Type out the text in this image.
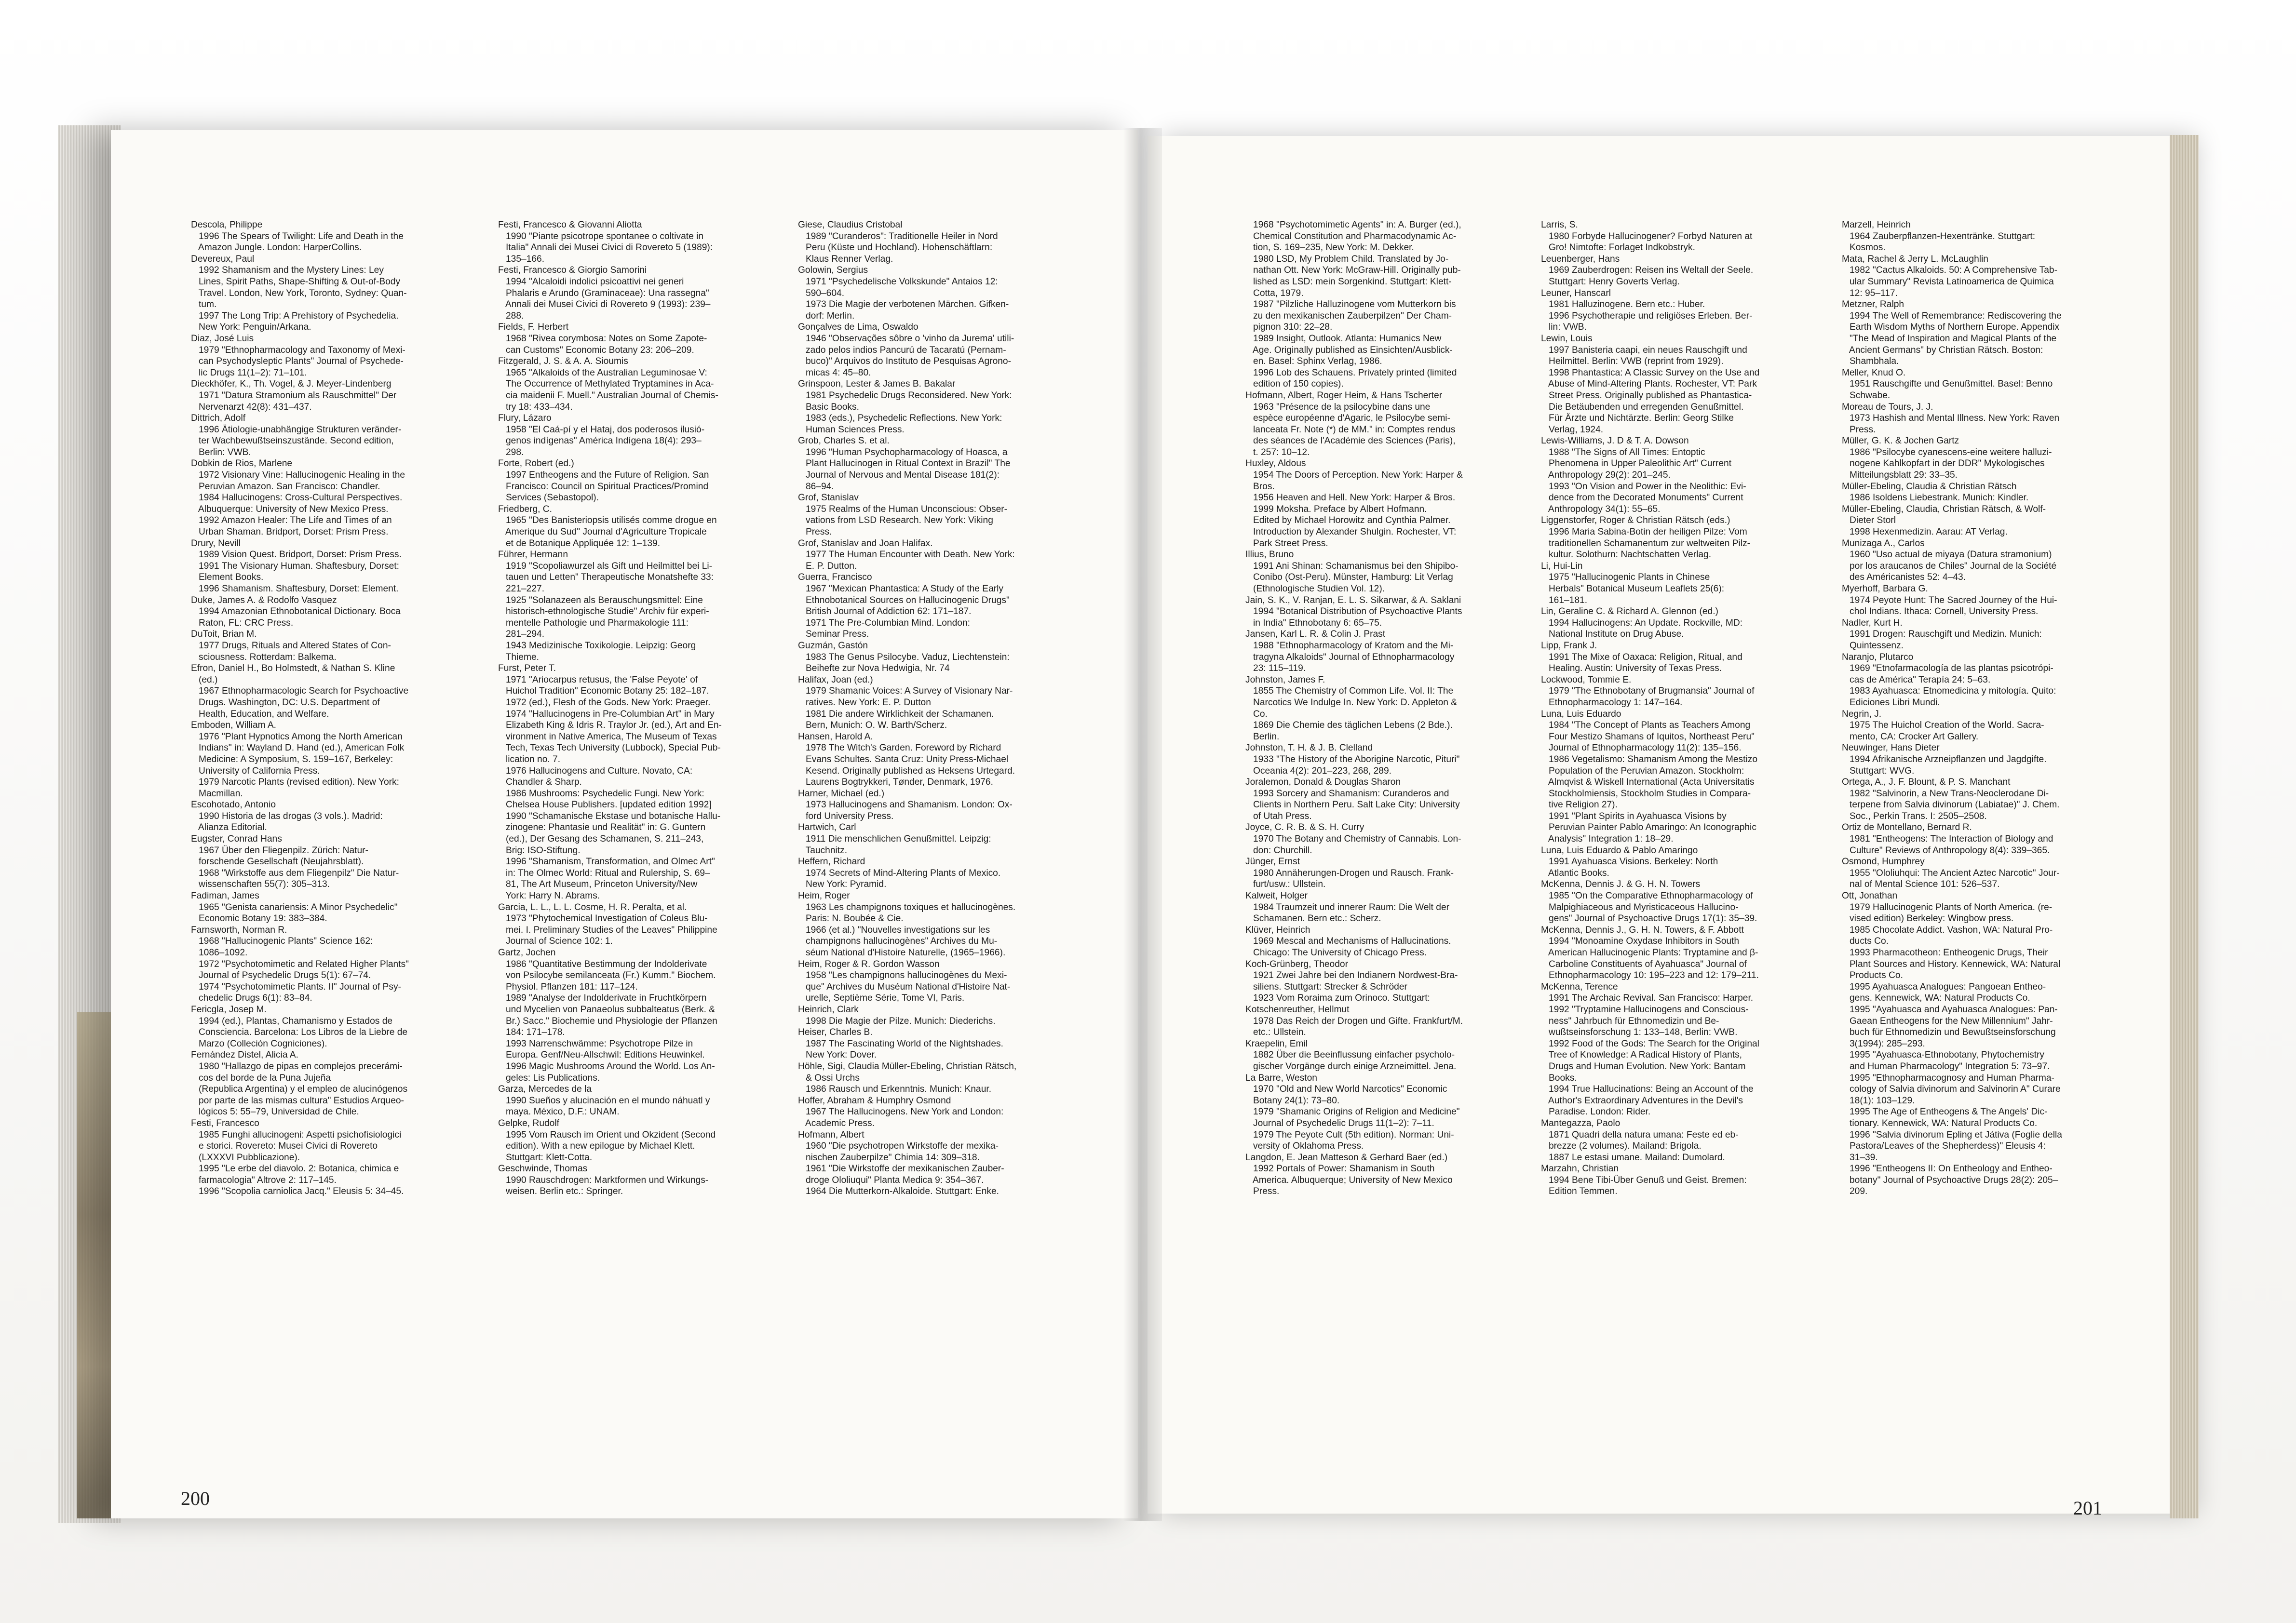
Descola, Philippe
1996 The Spears of Twilight: Life and Death in the
Amazon Jungle. London: HarperCollins.
Devereux, Paul
1992 Shamanism and the Mystery Lines: Ley
Lines, Spirit Paths, Shape-Shifting & Out-of-Body
Travel. London, New York, Toronto, Sydney: Quan-
tum.
1997 The Long Trip: A Prehistory of Psychedelia.
New York: Penguin/Arkana.
Diaz, José Luis
1979 "Ethnopharmacology and Taxonomy of Mexi-
can Psychodysleptic Plants" Journal of Psychede-
lic Drugs 11(1–2): 71–101.
Dieckhöfer, K., Th. Vogel, & J. Meyer-Lindenberg
1971 "Datura Stramonium als Rauschmittel" Der
Nervenarzt 42(8): 431–437.
Dittrich, Adolf
1996 Ätiologie-unabhängige Strukturen veränder-
ter Wachbewußtseinszustände. Second edition,
Berlin: VWB.
Dobkin de Rios, Marlene
1972 Visionary Vine: Hallucinogenic Healing in the
Peruvian Amazon. San Francisco: Chandler.
1984 Hallucinogens: Cross-Cultural Perspectives.
Albuquerque: University of New Mexico Press.
1992 Amazon Healer: The Life and Times of an
Urban Shaman. Bridport, Dorset: Prism Press.
Drury, Nevill
1989 Vision Quest. Bridport, Dorset: Prism Press.
1991 The Visionary Human. Shaftesbury, Dorset:
Element Books.
1996 Shamanism. Shaftesbury, Dorset: Element.
Duke, James A. & Rodolfo Vasquez
1994 Amazonian Ethnobotanical Dictionary. Boca
Raton, FL: CRC Press.
DuToit, Brian M.
1977 Drugs, Rituals and Altered States of Con-
sciousness. Rotterdam: Balkema.
Efron, Daniel H., Bo Holmstedt, & Nathan S. Kline
(ed.)
1967 Ethnopharmacologic Search for Psychoactive
Drugs. Washington, DC: U.S. Department of
Health, Education, and Welfare.
Emboden, William A.
1976 "Plant Hypnotics Among the North American
Indians" in: Wayland D. Hand (ed.), American Folk
Medicine: A Symposium, S. 159–167, Berkeley:
University of California Press.
1979 Narcotic Plants (revised edition). New York:
Macmillan.
Escohotado, Antonio
1990 Historia de las drogas (3 vols.). Madrid:
Alianza Editorial.
Eugster, Conrad Hans
1967 Über den Fliegenpilz. Zürich: Natur-
forschende Gesellschaft (Neujahrsblatt).
1968 "Wirkstoffe aus dem Fliegenpilz" Die Natur-
wissenschaften 55(7): 305–313.
Fadiman, James
1965 "Genista canariensis: A Minor Psychedelic"
Economic Botany 19: 383–384.
Farnsworth, Norman R.
1968 "Hallucinogenic Plants" Science 162:
1086–1092.
1972 "Psychotomimetic and Related Higher Plants"
Journal of Psychedelic Drugs 5(1): 67–74.
1974 "Psychotomimetic Plants. II" Journal of Psy-
chedelic Drugs 6(1): 83–84.
Fericgla, Josep M.
1994 (ed.), Plantas, Chamanismo y Estados de
Consciencia. Barcelona: Los Libros de la Liebre de
Marzo (Colleción Cogniciones).
Fernández Distel, Alicia A.
1980 "Hallazgo de pipas en complejos precerámi-
cos del borde de la Puna Jujeña
(Republica Argentina) y el empleo de alucinógenos
por parte de las mismas cultura" Estudios Arqueo-
lógicos 5: 55–79, Universidad de Chile.
Festi, Francesco
1985 Funghi allucinogeni: Aspetti psichofisiologici
e storici. Rovereto: Musei Civici di Rovereto
(LXXXVI Pubblicazione).
1995 "Le erbe del diavolo. 2: Botanica, chimica e
farmacologia" Altrove 2: 117–145.
1996 "Scopolia carniolica Jacq." Eleusis 5: 34–45.
Festi, Francesco & Giovanni Aliotta
1990 "Piante psicotrope spontanee o coltivate in
Italia" Annali dei Musei Civici di Rovereto 5 (1989):
135–166.
Festi, Francesco & Giorgio Samorini
1994 "Alcaloidi indolici psicoattivi nei generi
Phalaris e Arundo (Graminaceae): Una rassegna"
Annali dei Musei Civici di Rovereto 9 (1993): 239–
288.
Fields, F. Herbert
1968 "Rivea corymbosa: Notes on Some Zapote-
can Customs" Economic Botany 23: 206–209.
Fitzgerald, J. S. & A. A. Sioumis
1965 "Alkaloids of the Australian Leguminosae V:
The Occurrence of Methylated Tryptamines in Aca-
cia maidenii F. Muell." Australian Journal of Chemis-
try 18: 433–434.
Flury, Lázaro
1958 "El Caá-pí y el Hataj, dos poderosos ilusió-
genos indígenas" América Indígena 18(4): 293–
298.
Forte, Robert (ed.)
1997 Entheogens and the Future of Religion. San
Francisco: Council on Spiritual Practices/Promind
Services (Sebastopol).
Friedberg, C.
1965 "Des Banisteriopsis utilisés comme drogue en
Amerique du Sud" Journal d'Agriculture Tropicale
et de Botanique Appliquée 12: 1–139.
Führer, Hermann
1919 "Scopoliawurzel als Gift und Heilmittel bei Li-
tauen und Letten" Therapeutische Monatshefte 33:
221–227.
1925 "Solanazeen als Berauschungsmittel: Eine
historisch-ethnologische Studie" Archiv für experi-
mentelle Pathologie und Pharmakologie 111:
281–294.
1943 Medizinische Toxikologie. Leipzig: Georg
Thieme.
Furst, Peter T.
1971 "Ariocarpus retusus, the 'False Peyote' of
Huichol Tradition" Economic Botany 25: 182–187.
1972 (ed.), Flesh of the Gods. New York: Praeger.
1974 "Hallucinogens in Pre-Columbian Art" in Mary
Elizabeth King & Idris R. Traylor Jr. (ed.), Art and En-
vironment in Native America, The Museum of Texas
Tech, Texas Tech University (Lubbock), Special Pub-
lication no. 7.
1976 Hallucinogens and Culture. Novato, CA:
Chandler & Sharp.
1986 Mushrooms: Psychedelic Fungi. New York:
Chelsea House Publishers. [updated edition 1992]
1990 "Schamanische Ekstase und botanische Hallu-
zinogene: Phantasie und Realität" in: G. Guntern
(ed.), Der Gesang des Schamanen, S. 211–243,
Brig: ISO-Stiftung.
1996 "Shamanism, Transformation, and Olmec Art"
in: The Olmec World: Ritual and Rulership, S. 69–
81, The Art Museum, Princeton University/New
York: Harry N. Abrams.
Garcia, L. L., L. L. Cosme, H. R. Peralta, et al.
1973 "Phytochemical Investigation of Coleus Blu-
mei. I. Preliminary Studies of the Leaves" Philippine
Journal of Science 102: 1.
Gartz, Jochen
1986 "Quantitative Bestimmung der Indolderivate
von Psilocybe semilanceata (Fr.) Kumm." Biochem.
Physiol. Pflanzen 181: 117–124.
1989 "Analyse der Indolderivate in Fruchtkörpern
und Mycelien von Panaeolus subbalteatus (Berk. &
Br.) Sacc." Biochemie und Physiologie der Pflanzen
184: 171–178.
1993 Narrenschwämme: Psychotrope Pilze in
Europa. Genf/Neu-Allschwil: Editions Heuwinkel.
1996 Magic Mushrooms Around the World. Los An-
geles: Lis Publications.
Garza, Mercedes de la
1990 Sueños y alucinación en el mundo náhuatl y
maya. México, D.F.: UNAM.
Gelpke, Rudolf
1995 Vom Rausch im Orient und Okzident (Second
edition). With a new epilogue by Michael Klett.
Stuttgart: Klett-Cotta.
Geschwinde, Thomas
1990 Rauschdrogen: Marktformen und Wirkungs-
weisen. Berlin etc.: Springer.
Giese, Claudius Cristobal
1989 "Curanderos": Traditionelle Heiler in Nord
Peru (Küste und Hochland). Hohenschäftlarn:
Klaus Renner Verlag.
Golowin, Sergius
1971 "Psychedelische Volkskunde" Antaios 12:
590–604.
1973 Die Magie der verbotenen Märchen. Gifken-
dorf: Merlin.
Gonçalves de Lima, Oswaldo
1946 "Observações sôbre o 'vinho da Jurema' utili-
zado pelos indios Pancurú de Tacaratú (Pernam-
buco)" Arquivos do Instituto de Pesquisas Agrono-
micas 4: 45–80.
Grinspoon, Lester & James B. Bakalar
1981 Psychedelic Drugs Reconsidered. New York:
Basic Books.
1983 (eds.), Psychedelic Reflections. New York:
Human Sciences Press.
Grob, Charles S. et al.
1996 "Human Psychopharmacology of Hoasca, a
Plant Hallucinogen in Ritual Context in Brazil" The
Journal of Nervous and Mental Disease 181(2):
86–94.
Grof, Stanislav
1975 Realms of the Human Unconscious: Obser-
vations from LSD Research. New York: Viking
Press.
Grof, Stanislav and Joan Halifax.
1977 The Human Encounter with Death. New York:
E. P. Dutton.
Guerra, Francisco
1967 "Mexican Phantastica: A Study of the Early
Ethnobotanical Sources on Hallucinogenic Drugs"
British Journal of Addiction 62: 171–187.
1971 The Pre-Columbian Mind. London:
Seminar Press.
Guzmán, Gastón
1983 The Genus Psilocybe. Vaduz, Liechtenstein:
Beihefte zur Nova Hedwigia, Nr. 74
Halifax, Joan (ed.)
1979 Shamanic Voices: A Survey of Visionary Nar-
ratives. New York: E. P. Dutton
1981 Die andere Wirklichkeit der Schamanen.
Bern, Munich: O. W. Barth/Scherz.
Hansen, Harold A.
1978 The Witch's Garden. Foreword by Richard
Evans Schultes. Santa Cruz: Unity Press-Michael
Kesend. Originally published as Heksens Urtegard.
Laurens Bogtrykkeri, Tønder, Denmark, 1976.
Harner, Michael (ed.)
1973 Hallucinogens and Shamanism. London: Ox-
ford University Press.
Hartwich, Carl
1911 Die menschlichen Genußmittel. Leipzig:
Tauchnitz.
Heffern, Richard
1974 Secrets of Mind-Altering Plants of Mexico.
New York: Pyramid.
Heim, Roger
1963 Les champignons toxiques et hallucinogènes.
Paris: N. Boubée & Cie.
1966 (et al.) "Nouvelles investigations sur les
champignons hallucinogènes" Archives du Mu-
séum National d'Histoire Naturelle, (1965–1966).
Heim, Roger & R. Gordon Wasson
1958 "Les champignons hallucinogènes du Mexi-
que" Archives du Muséum National d'Histoire Nat-
urelle, Septième Série, Tome VI, Paris.
Heinrich, Clark
1998 Die Magie der Pilze. Munich: Diederichs.
Heiser, Charles B.
1987 The Fascinating World of the Nightshades.
New York: Dover.
Höhle, Sigi, Claudia Müller-Ebeling, Christian Rätsch,
& Ossi Urchs
1986 Rausch und Erkenntnis. Munich: Knaur.
Hoffer, Abraham & Humphry Osmond
1967 The Hallucinogens. New York and London:
Academic Press.
Hofmann, Albert
1960 "Die psychotropen Wirkstoffe der mexika-
nischen Zauberpilze" Chimia 14: 309–318.
1961 "Die Wirkstoffe der mexikanischen Zauber-
droge Ololiuqui" Planta Medica 9: 354–367.
1964 Die Mutterkorn-Alkaloide. Stuttgart: Enke.
1968 "Psychotomimetic Agents" in: A. Burger (ed.),
Chemical Constitution and Pharmacodynamic Ac-
tion, S. 169–235, New York: M. Dekker.
1980 LSD, My Problem Child. Translated by Jo-
nathan Ott. New York: McGraw-Hill. Originally pub-
lished as LSD: mein Sorgenkind. Stuttgart: Klett-
Cotta, 1979.
1987 "Pilzliche Halluzinogene vom Mutterkorn bis
zu den mexikanischen Zauberpilzen" Der Cham-
pignon 310: 22–28.
1989 Insight, Outlook. Atlanta: Humanics New
Age. Originally published as Einsichten/Ausblick-
en. Basel: Sphinx Verlag, 1986.
1996 Lob des Schauens. Privately printed (limited
edition of 150 copies).
Hofmann, Albert, Roger Heim, & Hans Tscherter
1963 "Présence de la psilocybine dans une
espèce européenne d'Agaric, le Psilocybe semi-
lanceata Fr. Note (*) de MM." in: Comptes rendus
des séances de l'Académie des Sciences (Paris),
t. 257: 10–12.
Huxley, Aldous
1954 The Doors of Perception. New York: Harper &
Bros.
1956 Heaven and Hell. New York: Harper & Bros.
1999 Moksha. Preface by Albert Hofmann.
Edited by Michael Horowitz and Cynthia Palmer.
Introduction by Alexander Shulgin. Rochester, VT:
Park Street Press.
Illius, Bruno
1991 Ani Shinan: Schamanismus bei den Shipibo-
Conibo (Ost-Peru). Münster, Hamburg: Lit Verlag
(Ethnologische Studien Vol. 12).
Jain, S. K., V. Ranjan, E. L. S. Sikarwar, & A. Saklani
1994 "Botanical Distribution of Psychoactive Plants
in India" Ethnobotany 6: 65–75.
Jansen, Karl L. R. & Colin J. Prast
1988 "Ethnopharmacology of Kratom and the Mi-
tragyna Alkaloids" Journal of Ethnopharmacology
23: 115–119.
Johnston, James F.
1855 The Chemistry of Common Life. Vol. II: The
Narcotics We Indulge In. New York: D. Appleton &
Co.
1869 Die Chemie des täglichen Lebens (2 Bde.).
Berlin.
Johnston, T. H. & J. B. Clelland
1933 "The History of the Aborigine Narcotic, Pituri"
Oceania 4(2): 201–223, 268, 289.
Joralemon, Donald & Douglas Sharon
1993 Sorcery and Shamanism: Curanderos and
Clients in Northern Peru. Salt Lake City: University
of Utah Press.
Joyce, C. R. B. & S. H. Curry
1970 The Botany and Chemistry of Cannabis. Lon-
don: Churchill.
Jünger, Ernst
1980 Annäherungen-Drogen und Rausch. Frank-
furt/usw.: Ullstein.
Kalweit, Holger
1984 Traumzeit und innerer Raum: Die Welt der
Schamanen. Bern etc.: Scherz.
Klüver, Heinrich
1969 Mescal and Mechanisms of Hallucinations.
Chicago: The University of Chicago Press.
Koch-Grünberg, Theodor
1921 Zwei Jahre bei den Indianern Nordwest-Bra-
siliens. Stuttgart: Strecker & Schröder
1923 Vom Roraima zum Orinoco. Stuttgart:
Kotschenreuther, Hellmut
1978 Das Reich der Drogen und Gifte. Frankfurt/M.
etc.: Ullstein.
Kraepelin, Emil
1882 Über die Beeinflussung einfacher psycholo-
gischer Vorgänge durch einige Arzneimittel. Jena.
La Barre, Weston
1970 "Old and New World Narcotics" Economic
Botany 24(1): 73–80.
1979 "Shamanic Origins of Religion and Medicine"
Journal of Psychedelic Drugs 11(1–2): 7–11.
1979 The Peyote Cult (5th edition). Norman: Uni-
versity of Oklahoma Press.
Langdon, E. Jean Matteson & Gerhard Baer (ed.)
1992 Portals of Power: Shamanism in South
America. Albuquerque; University of New Mexico
Press.
Larris, S.
1980 Forbyde Hallucinogener? Forbyd Naturen at
Gro! Nimtofte: Forlaget Indkobstryk.
Leuenberger, Hans
1969 Zauberdrogen: Reisen ins Weltall der Seele.
Stuttgart: Henry Goverts Verlag.
Leuner, Hanscarl
1981 Halluzinogene. Bern etc.: Huber.
1996 Psychotherapie und religiöses Erleben. Ber-
lin: VWB.
Lewin, Louis
1997 Banisteria caapi, ein neues Rauschgift und
Heilmittel. Berlin: VWB (reprint from 1929).
1998 Phantastica: A Classic Survey on the Use and
Abuse of Mind-Altering Plants. Rochester, VT: Park
Street Press. Originally published as Phantastica-
Die Betäubenden und erregenden Genußmittel.
Für Ärzte und Nichtärzte. Berlin: Georg Stilke
Verlag, 1924.
Lewis-Williams, J. D & T. A. Dowson
1988 "The Signs of All Times: Entoptic
Phenomena in Upper Paleolithic Art" Current
Anthropology 29(2): 201–245.
1993 "On Vision and Power in the Neolithic: Evi-
dence from the Decorated Monuments" Current
Anthropology 34(1): 55–65.
Liggenstorfer, Roger & Christian Rätsch (eds.)
1996 Maria Sabina-Botin der heiligen Pilze: Vom
traditionellen Schamanentum zur weltweiten Pilz-
kultur. Solothurn: Nachtschatten Verlag.
Li, Hui-Lin
1975 "Hallucinogenic Plants in Chinese
Herbals" Botanical Museum Leaflets 25(6):
161–181.
Lin, Geraline C. & Richard A. Glennon (ed.)
1994 Hallucinogens: An Update. Rockville, MD:
National Institute on Drug Abuse.
Lipp, Frank J.
1991 The Mixe of Oaxaca: Religion, Ritual, and
Healing. Austin: University of Texas Press.
Lockwood, Tommie E.
1979 "The Ethnobotany of Brugmansia" Journal of
Ethnopharmacology 1: 147–164.
Luna, Luis Eduardo
1984 "The Concept of Plants as Teachers Among
Four Mestizo Shamans of Iquitos, Northeast Peru"
Journal of Ethnopharmacology 11(2): 135–156.
1986 Vegetalismo: Shamanism Among the Mestizo
Population of the Peruvian Amazon. Stockholm:
Almqvist & Wiskell International (Acta Universitatis
Stockholmiensis, Stockholm Studies in Compara-
tive Religion 27).
1991 "Plant Spirits in Ayahuasca Visions by
Peruvian Painter Pablo Amaringo: An Iconographic
Analysis" Integration 1: 18–29.
Luna, Luis Eduardo & Pablo Amaringo
1991 Ayahuasca Visions. Berkeley: North
Atlantic Books.
McKenna, Dennis J. & G. H. N. Towers
1985 "On the Comparative Ethnopharmacology of
Malpighiaceous and Myristicaceous Hallucino-
gens" Journal of Psychoactive Drugs 17(1): 35–39.
McKenna, Dennis J., G. H. N. Towers, & F. Abbott
1994 "Monoamine Oxydase Inhibitors in South
American Hallucinogenic Plants: Tryptamine and β-
Carboline Constituents of Ayahuasca" Journal of
Ethnopharmacology 10: 195–223 and 12: 179–211.
McKenna, Terence
1991 The Archaic Revival. San Francisco: Harper.
1992 "Tryptamine Hallucinogens and Conscious-
ness" Jahrbuch für Ethnomedizin und Be-
wußtseinsforschung 1: 133–148, Berlin: VWB.
1992 Food of the Gods: The Search for the Original
Tree of Knowledge: A Radical History of Plants,
Drugs and Human Evolution. New York: Bantam
Books.
1994 True Hallucinations: Being an Account of the
Author's Extraordinary Adventures in the Devil's
Paradise. London: Rider.
Mantegazza, Paolo
1871 Quadri della natura umana: Feste ed eb-
brezze (2 volumes). Mailand: Brigola.
1887 Le estasi umane. Mailand: Dumolard.
Marzahn, Christian
1994 Bene Tibi-Über Genuß und Geist. Bremen:
Edition Temmen.
Marzell, Heinrich
1964 Zauberpflanzen-Hexentränke. Stuttgart:
Kosmos.
Mata, Rachel & Jerry L. McLaughlin
1982 "Cactus Alkaloids. 50: A Comprehensive Tab-
ular Summary" Revista Latinoamerica de Quimica
12: 95–117.
Metzner, Ralph
1994 The Well of Remembrance: Rediscovering the
Earth Wisdom Myths of Northern Europe. Appendix
"The Mead of Inspiration and Magical Plants of the
Ancient Germans" by Christian Rätsch. Boston:
Shambhala.
Meller, Knud O.
1951 Rauschgifte und Genußmittel. Basel: Benno
Schwabe.
Moreau de Tours, J. J.
1973 Hashish and Mental Illness. New York: Raven
Press.
Müller, G. K. & Jochen Gartz
1986 "Psilocybe cyanescens-eine weitere halluzi-
nogene Kahlkopfart in der DDR" Mykologisches
Mitteilungsblatt 29: 33–35.
Müller-Ebeling, Claudia & Christian Rätsch
1986 Isoldens Liebestrank. Munich: Kindler.
Müller-Ebeling, Claudia, Christian Rätsch, & Wolf-
Dieter Storl
1998 Hexenmedizin. Aarau: AT Verlag.
Munizaga A., Carlos
1960 "Uso actual de miyaya (Datura stramonium)
por los araucanos de Chiles" Journal de la Société
des Américanistes 52: 4–43.
Myerhoff, Barbara G.
1974 Peyote Hunt: The Sacred Journey of the Hui-
chol Indians. Ithaca: Cornell, University Press.
Nadler, Kurt H.
1991 Drogen: Rauschgift und Medizin. Munich:
Quintessenz.
Naranjo, Plutarco
1969 "Etnofarmacología de las plantas psicotrópi-
cas de América" Terapía 24: 5–63.
1983 Ayahuasca: Etnomedicina y mitología. Quito:
Ediciones Libri Mundi.
Negrin, J.
1975 The Huichol Creation of the World. Sacra-
mento, CA: Crocker Art Gallery.
Neuwinger, Hans Dieter
1994 Afrikanische Arzneipflanzen und Jagdgifte.
Stuttgart: WVG.
Ortega, A., J. F. Blount, & P. S. Manchant
1982 "Salvinorin, a New Trans-Neoclerodane Di-
terpene from Salvia divinorum (Labiatae)" J. Chem.
Soc., Perkin Trans. I: 2505–2508.
Ortiz de Montellano, Bernard R.
1981 "Entheogens: The Interaction of Biology and
Culture" Reviews of Anthropology 8(4): 339–365.
Osmond, Humphrey
1955 "Ololiuhqui: The Ancient Aztec Narcotic" Jour-
nal of Mental Science 101: 526–537.
Ott, Jonathan
1979 Hallucinogenic Plants of North America. (re-
vised edition) Berkeley: Wingbow press.
1985 Chocolate Addict. Vashon, WA: Natural Pro-
ducts Co.
1993 Pharmacotheon: Entheogenic Drugs, Their
Plant Sources and History. Kennewick, WA: Natural
Products Co.
1995 Ayahuasca Analogues: Pangoean Entheo-
gens. Kennewick, WA: Natural Products Co.
1995 "Ayahuasca and Ayahuasca Analogues: Pan-
Gaean Entheogens for the New Millennium" Jahr-
buch für Ethnomedizin und Bewußtseinsforschung
3(1994): 285–293.
1995 "Ayahuasca-Ethnobotany, Phytochemistry
and Human Pharmacology" Integration 5: 73–97.
1995 "Ethnopharmacognosy and Human Pharma-
cology of Salvia divinorum and Salvinorin A" Curare
18(1): 103–129.
1995 The Age of Entheogens & The Angels' Dic-
tionary. Kennewick, WA: Natural Products Co.
1996 "Salvia divinorum Epling et Játiva (Foglie della
Pastora/Leaves of the Shepherdess)" Eleusis 4:
31–39.
1996 "Entheogens II: On Entheology and Entheo-
botany" Journal of Psychoactive Drugs 28(2): 205–
209.
200	201
